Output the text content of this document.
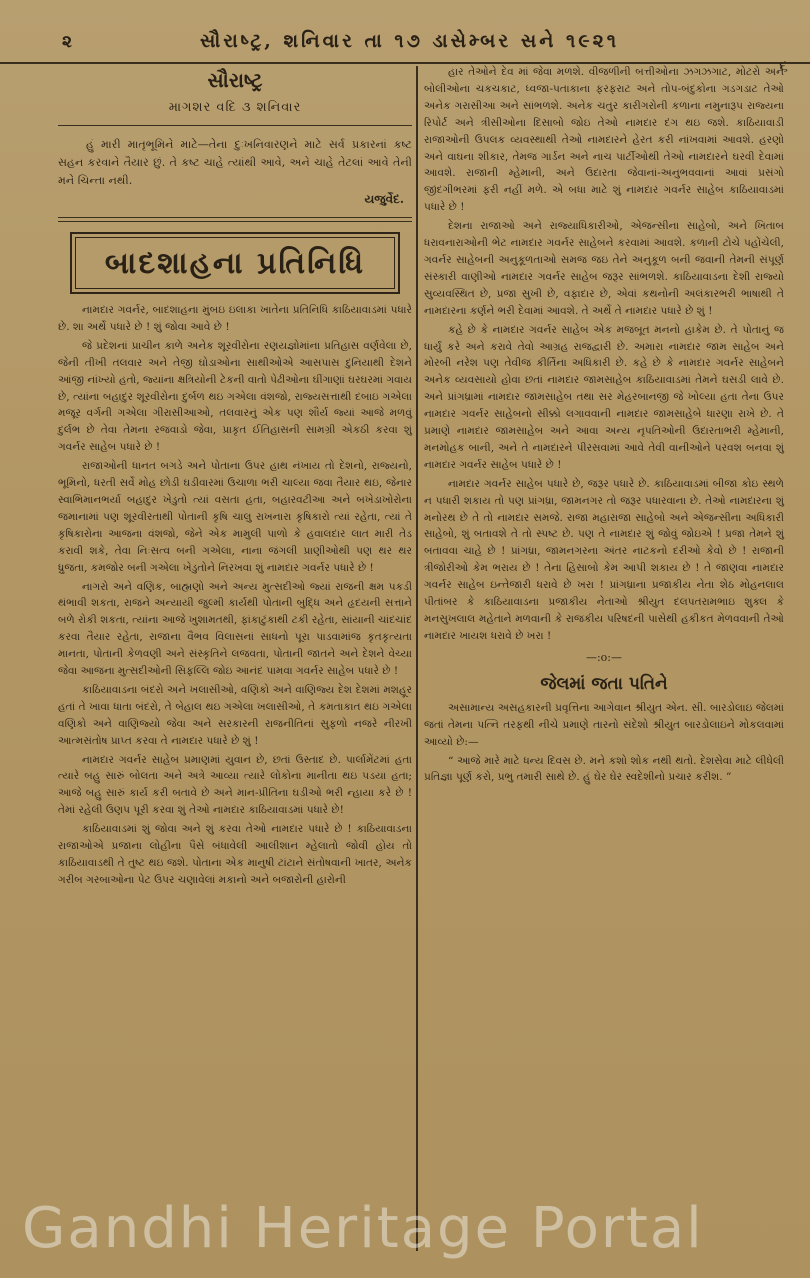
૨	સૌરાષ્ટ્ર, શનિવાર તા ૧૭ ડાસેમ્બર સને ૧૯૨૧
૬
સૌરાષ્ટ્ર
માગશર વદિ ૩ શનિવાર
હું મારી માતૃભૂમિને માટે—તેના દુઃખનિવારણને માટે સર્વ પ્રકારનાં કષ્ટ સહન કરવાને તૈયાર છું. તે કષ્ટ ચાહે ત્યાંથી આવે, અને ચાહે તેટલાં આવે તેની મને ચિન્તા નથી.
યજુર્વેદ.
બાદશાહના પ્રતિનિધિ

નામદાર ગવર્નર, બાદશાહના મુંબઇ ઇલાકા ખાતેના પ્રતિનિધિ કાઠિયાવાડમાં પધારે છે. શા અર્થે પધારે છે ! શું જોવા આવે છે !

જે પ્રદેશનાં પ્રાચીન કાળે અનેક શૂરવીરોના રણયજ્ઞોમાંના પ્રતિહાસ વર્ણવેલા છે, જેની તીખી તલવાર અને તેજી ઘોડાઓના સાથીઓએ આસપાસ દુનિયાથી દેશને આંજી નાંખ્યો હતો, જ્યાંના ક્ષત્રિયોની ટેકની વાતો પેઢીઓના ઘીંગાણાં ઘરઘરમાં ગવાય છે, ત્યાંના બહાદુર શૂરવીરોના દુર્બળ થઇ ગએલા વંશજો, રાજ્યસત્તાથી દબાઇ ગએલા મજૂર વર્ગની ગએલા ગીરાસીઆઓ, તલવારનું એક પણ શૌર્ય જ્યાં આજે મળવું દુર્લભ છે તેવા તેમના રજવાડો જેવા, પ્રાકૃત ઈતિહાસની સામગ્રી એકઠી કરવા શું ગવર્નર સાહેબ પધારે છે !

રાજાઓની ધાનત બગડે અને પોતાના ઉપર હાથ નંખાય તો દેશનો, રાજ્યનો, ભૂમિનો, ધરતી સર્વે મોહ છોડી ઘડીવારમાં ઉચાળા ભરી ચાલ્યા જવા તૈયાર થઇ, જેનાર સ્વાભિમાનભર્યા બહાદુર ખેડુતો ત્યાં વસતા હતા, બહારવટીઆ અને બખેડાખોરોના જમાનામાં પણ શૂરવીરતાથી પોતાની કૃષિ ચાલુ રાખનારા કૃષિકારો ત્યાં રહેતા, ત્યાં તે કૃષિકારોના આજના વંશજો, જેને એક મામુલી પાળો કે હવાલદાર લાત મારી તેડ કરાવી શકે, તેવા નિઃસત્વ બની ગએલા, નાના જંગલી પ્રાણીઓથી પણ થર થર ધ્રુજતા, કમજોર બની ગએલા ખેડુતોને નિરખવા શું નામદાર ગવર્નર પધારે છે !

નાગરો અને વણિક, બાહ્મણો અને અન્ય મુત્સદીઓ જ્યાં રાજની ક્ષમ પકડી થંભાવી શકતા, રાજને અન્યાયી જુલ્મી કાર્યથી પોતાની બુદ્ધિ અને હૃદયની સત્તાને બળે રોકી શકતા, ત્યાંના આજે ખુશામતથી, ફાંકાટુંકાથી ટકી રહેતા, સાંયાની ચાંદચાંદ કરવા તૈયાર રહેતા, રાજાના વૈભવ વિલાસનાં સાધનો પૂરા પાડવામાંજ કૃતકૃત્યતા માનતા, પોતાની કેળવણી અને સંસ્કૃતિને લજવતા, પોતાની જાતને અને દેશને વેચ્યા જેવા આજના મુત્સદીઓની સિફલ્લિ જોઇ આનંદ પામવા ગવર્નર સાહેબ પધારે છે !

કાઠિયાવાડના બંદરો અને ખલાસીઓ, વણિકો અને વાણિજ્ય દેશ દેશમાં મશહૂર હતાં તે ખાવા ધાતા બંદરો, તે બેહાલ થઇ ગએલા ખલાસીઓ, તે કમતાકાત થઇ ગએલા વણિકો અને વાણિજ્યો જેવા અને સરકારની રાજનીતિનાં સુફળો નજરે નીરખી આત્મસંતોષ પ્રાપ્ત કરવા તે નામદાર પધારે છે શું !

નામદાર ગવર્નર સાહેબ પ્રમાણમાં યુવાન છે, છતાં ઉસ્તાદ છે. પાર્લામેંટમાં હતા ત્યારે બહુ સારું બોલતા અને અત્રે આવ્યા ત્યારે લોકોના માનીતા થઇ પડયા હતા; આજે બહુ સારું કાર્ય કરી બતાવે છે અને માન-પ્રીતિના ઘડીઓ ભરી ન્હાયા કરે છે ! તેમાં રહેલી ઉણપ પૂરી કરવા શું તેઓ નામદાર કાઠિયાવાડમાં પધારે છે!

કાઠિયાવાડમાં શું જોવા અને શું કરવા તેઓ નામદાર પધારે છે ! કાઠિયાવાડના રાજાઓએ પ્રજાના લોહીના પૈસે બંધાવેલી આલીશાન મ્હેલાતો જોવી હોય તો કાઠિયાવાડથી તે તુષ્ટ થઇ જશે. પોતાના એક માનુષી ટાંટાને સંતોષવાની ખાતર, અનેક ગરીબ ગરબાઓના પેટ ઉપર ચણાવેલાં મકાનો અને બજારોની હારોની

હાર તેઓને દેવ માં જેવા મળશે. વીજળીની બત્તીઓના ઝગઝગાટ, મોટરો અને બોલીઓના ચકચકાટ, ધ્વજા-પતાકાના ફરફરાટ અને તોપ-બંદુકોના ગડગડાટ તેઓ અનેક ગરાસીઆ અને સાંભળશે. અનેક ચતુર કારીગરોની કળાના નમુનારૂપ રાજ્યના રિપોર્ટ અને ત્રીસીઓના દિસાબો જોઇ તેઓ નામદાર દંગ થઇ જશે. કાઠિયાવાડી રાજાઓની ઉપલક વ્યવસ્થાથી તેઓ નામદારને હેરત કરી નાંખવામાં આવશે. હરણો અને વાઘના શીકાર, તેમજ ગાર્ડન અને નાચ પાર્ટીઓથી તેઓ નામદારને ઘરવી દેવામાં આવશે. રાજાની મ્હેમાની, અને ઉદારતા જેવાનાં-અનુભવવાનાં આવાં પ્રસંગો જીંદગીભરમાં ફરી નહીં મળે. એ બધા માટે શું નામદાર ગવર્નર સાહેબ કાઠિયાવાડમાં પધારે છે !

દેશના રાજાઓ અને રાજ્યાધિકારીઓ, એજન્સીના સાહેબો, અને ખિતાબ ધરાવનારાઓની ભેટ નામદાર ગવર્નર સાહેબને કરવામાં આવશે. કળાની ટોચે પહોંચેલી, ગવર્નર સાહેબની અનુકૂળતાઓ સમજ જઇ તેને અનુકૂળ બની જવાની તેમની સંપૂર્ણ સંસ્કારી વાણીઓ નામદાર ગવર્નર સાહેબ જરૂર સાંભળશે. કાઠિયાવાડના દેશી રાજ્યો સુવ્યવસ્થિત છે, પ્રજા સુખી છે, વફાદાર છે, એવાં કથનોની અલંકારભરી ભાષાથી તે નામદારના કર્ણને ભરી દેવામાં આવશે. તે અર્થે તે નામદાર પધારે છે શું !

કહે છે કે નામદાર ગવર્નર સાહેબ એક મજબૂત મનનો હાકેમ છે. તે પોતાનું જ ધાર્યું કરે અને કરાવે તેવો આગ્રહ રાજદ્વારી છે. અમારા નામદાર જામ સાહેબ અને મોરબી નરેશ પણ તેવીજ કીર્તિના અધિકારી છે. કહે છે કે નામદાર ગવર્નર સાહેબને અનેક વ્યવસાયો હોવા છતાં નામદાર જામસાહેબ કાઠિયાવાડમાં તેમને ઘસડી લાવે છે. અને પ્રાંગધ્રામાં નામદાર જામસાહેબ તથા સર મેહરબાનજી જે ખોલ્યા હતા તેના ઉપર નામદાર ગવર્નર સાહેબનો સીક્કો લગાવવાની નામદાર જામસાહેબે ધારણા રાખે છે. તે પ્રમાણે નામદાર જામસાહેબ અને આવા અન્ય નૃપતિઓની ઉદારતાભરી મ્હેમાની, મનમોહક બાની, અને તે નામદારને પીરસવામાં આવે તેવી વાનીઓને પરવશ બનવા શું નામદાર ગવર્નર સાહેબ પધારે છે !

નામદાર ગવર્નર સાહેબ પધારે છે, જરૂર પધારે છે. કાઠિયાવાડમાં બીજા કોઇ સ્થળે ન પધારી શકાય તો પણ પ્રાંગધ્રા, જામનગર તો જરૂર પધારવાના છે. તેઓ નામદારના શું મનોરથ છે તે તો નામદાર સમજે. રાજા મહારાજા સાહેબો અને એજન્સીના અધિકારી સાહેબો, શું બતાવશે તે તો સ્પષ્ટ છે. પણ તે નામદાર શું જોવું જોઇએ ! પ્રજા તેમને શું બતાવવા ચાહે છે ! પ્રાંગધ્રા, જામનગરના અંતર નાટકનો દરીઓ કેવો છે ! રાજાની ત્રીજોરીઓ કેમ ભરાય છે ! તેના હિસાબો કેમ આપી શકાય છે ! તે જાણવા નામદાર ગવર્નર સાહેબ ઇન્તેજારી ધરાવે છે ખરા ! પ્રાંગધ્રાના પ્રજાકીય નેતા શેઠ મોહનલાલ પીતાંબર કે કાઠિયાવાડના પ્રજાકીય નેતાઓ શ્રીયુત દલપતરામભાઇ શુક્લ કે મનસુખલાલ મહેતાને મળવાની કે રાજકીય પરિષદની પાસેથી હકીકત મેળવવાની તેઓ નામદાર ખાયશ ધરાવે છે ખરા !

—:o:—
જેલમાં જતા પતિને

અસામાન્ય અસહકારની પ્રવૃત્તિના આગેવાન શ્રીયુત એન. સી. બારડોલાઇ જેલમાં જતાં તેમના પત્નિ તરફથી નીચે પ્રમાણે તારનો સંદેશો શ્રીયુત બારડોલાઇને મોકલવામાં આવ્યો છે:—

“ આજે મારે માટે ધન્ય દિવસ છે. મને કશો શોક નથી થતો. દેશસેવા માટે લીધેલી પ્રતિજ્ઞા પૂર્ણ કરો, પ્રભુ તમારી સાથે છે. હું ઘેર ઘેર સ્વદેશીનો પ્રચાર કરીશ. ”

Gandhi Heritage Portal
